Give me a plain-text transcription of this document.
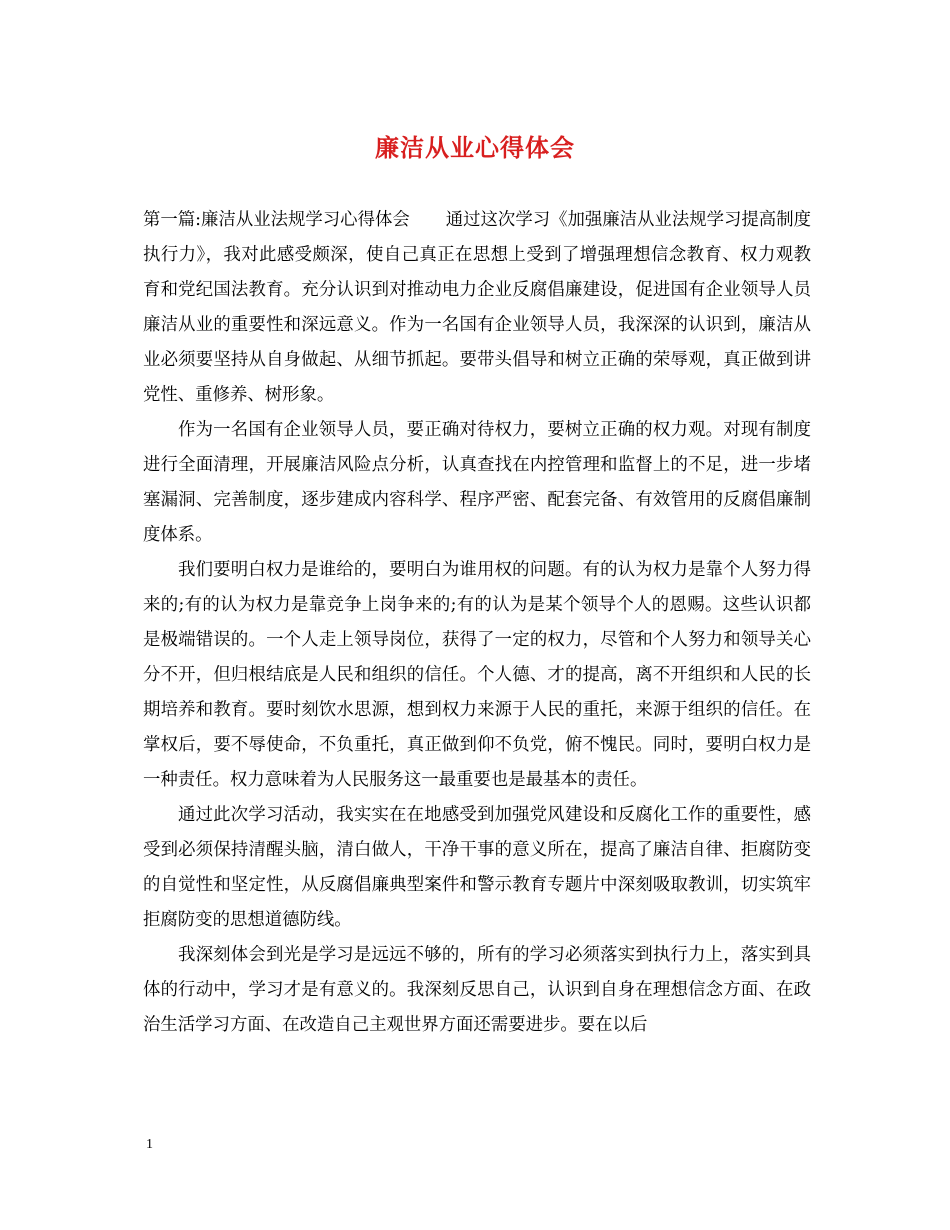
廉洁从业心得体会

第一篇:廉洁从业法规学习心得体会 通过这次学习《加强廉洁从业法规学习提高制度执行力》，我对此感受颇深，使自己真正在思想上受到了增强理想信念教育、权力观教育和党纪国法教育。充分认识到对推动电力企业反腐倡廉建设，促进国有企业领导人员廉洁从业的重要性和深远意义。作为一名国有企业领导人员，我深深的认识到，廉洁从业必须要坚持从自身做起、从细节抓起。要带头倡导和树立正确的荣辱观，真正做到讲党性、重修养、树形象。

作为一名国有企业领导人员，要正确对待权力，要树立正确的权力观。对现有制度进行全面清理，开展廉洁风险点分析，认真查找在内控管理和监督上的不足，进一步堵塞漏洞、完善制度，逐步建成内容科学、程序严密、配套完备、有效管用的反腐倡廉制度体系。

我们要明白权力是谁给的，要明白为谁用权的问题。有的认为权力是靠个人努力得来的;有的认为权力是靠竞争上岗争来的;有的认为是某个领导个人的恩赐。这些认识都是极端错误的。一个人走上领导岗位，获得了一定的权力，尽管和个人努力和领导关心分不开，但归根结底是人民和组织的信任。个人德、才的提高，离不开组织和人民的长期培养和教育。要时刻饮水思源，想到权力来源于人民的重托，来源于组织的信任。在掌权后，要不辱使命，不负重托，真正做到仰不负党，俯不愧民。同时，要明白权力是一种责任。权力意味着为人民服务这一最重要也是最基本的责任。

通过此次学习活动，我实实在在地感受到加强党风建设和反腐化工作的重要性，感受到必须保持清醒头脑，清白做人，干净干事的意义所在，提高了廉洁自律、拒腐防变的自觉性和坚定性，从反腐倡廉典型案件和警示教育专题片中深刻吸取教训，切实筑牢拒腐防变的思想道德防线。

我深刻体会到光是学习是远远不够的，所有的学习必须落实到执行力上，落实到具体的行动中，学习才是有意义的。我深刻反思自己，认识到自身在理想信念方面、在政治生活学习方面、在改造自己主观世界方面还需要进步。要在以后

1
